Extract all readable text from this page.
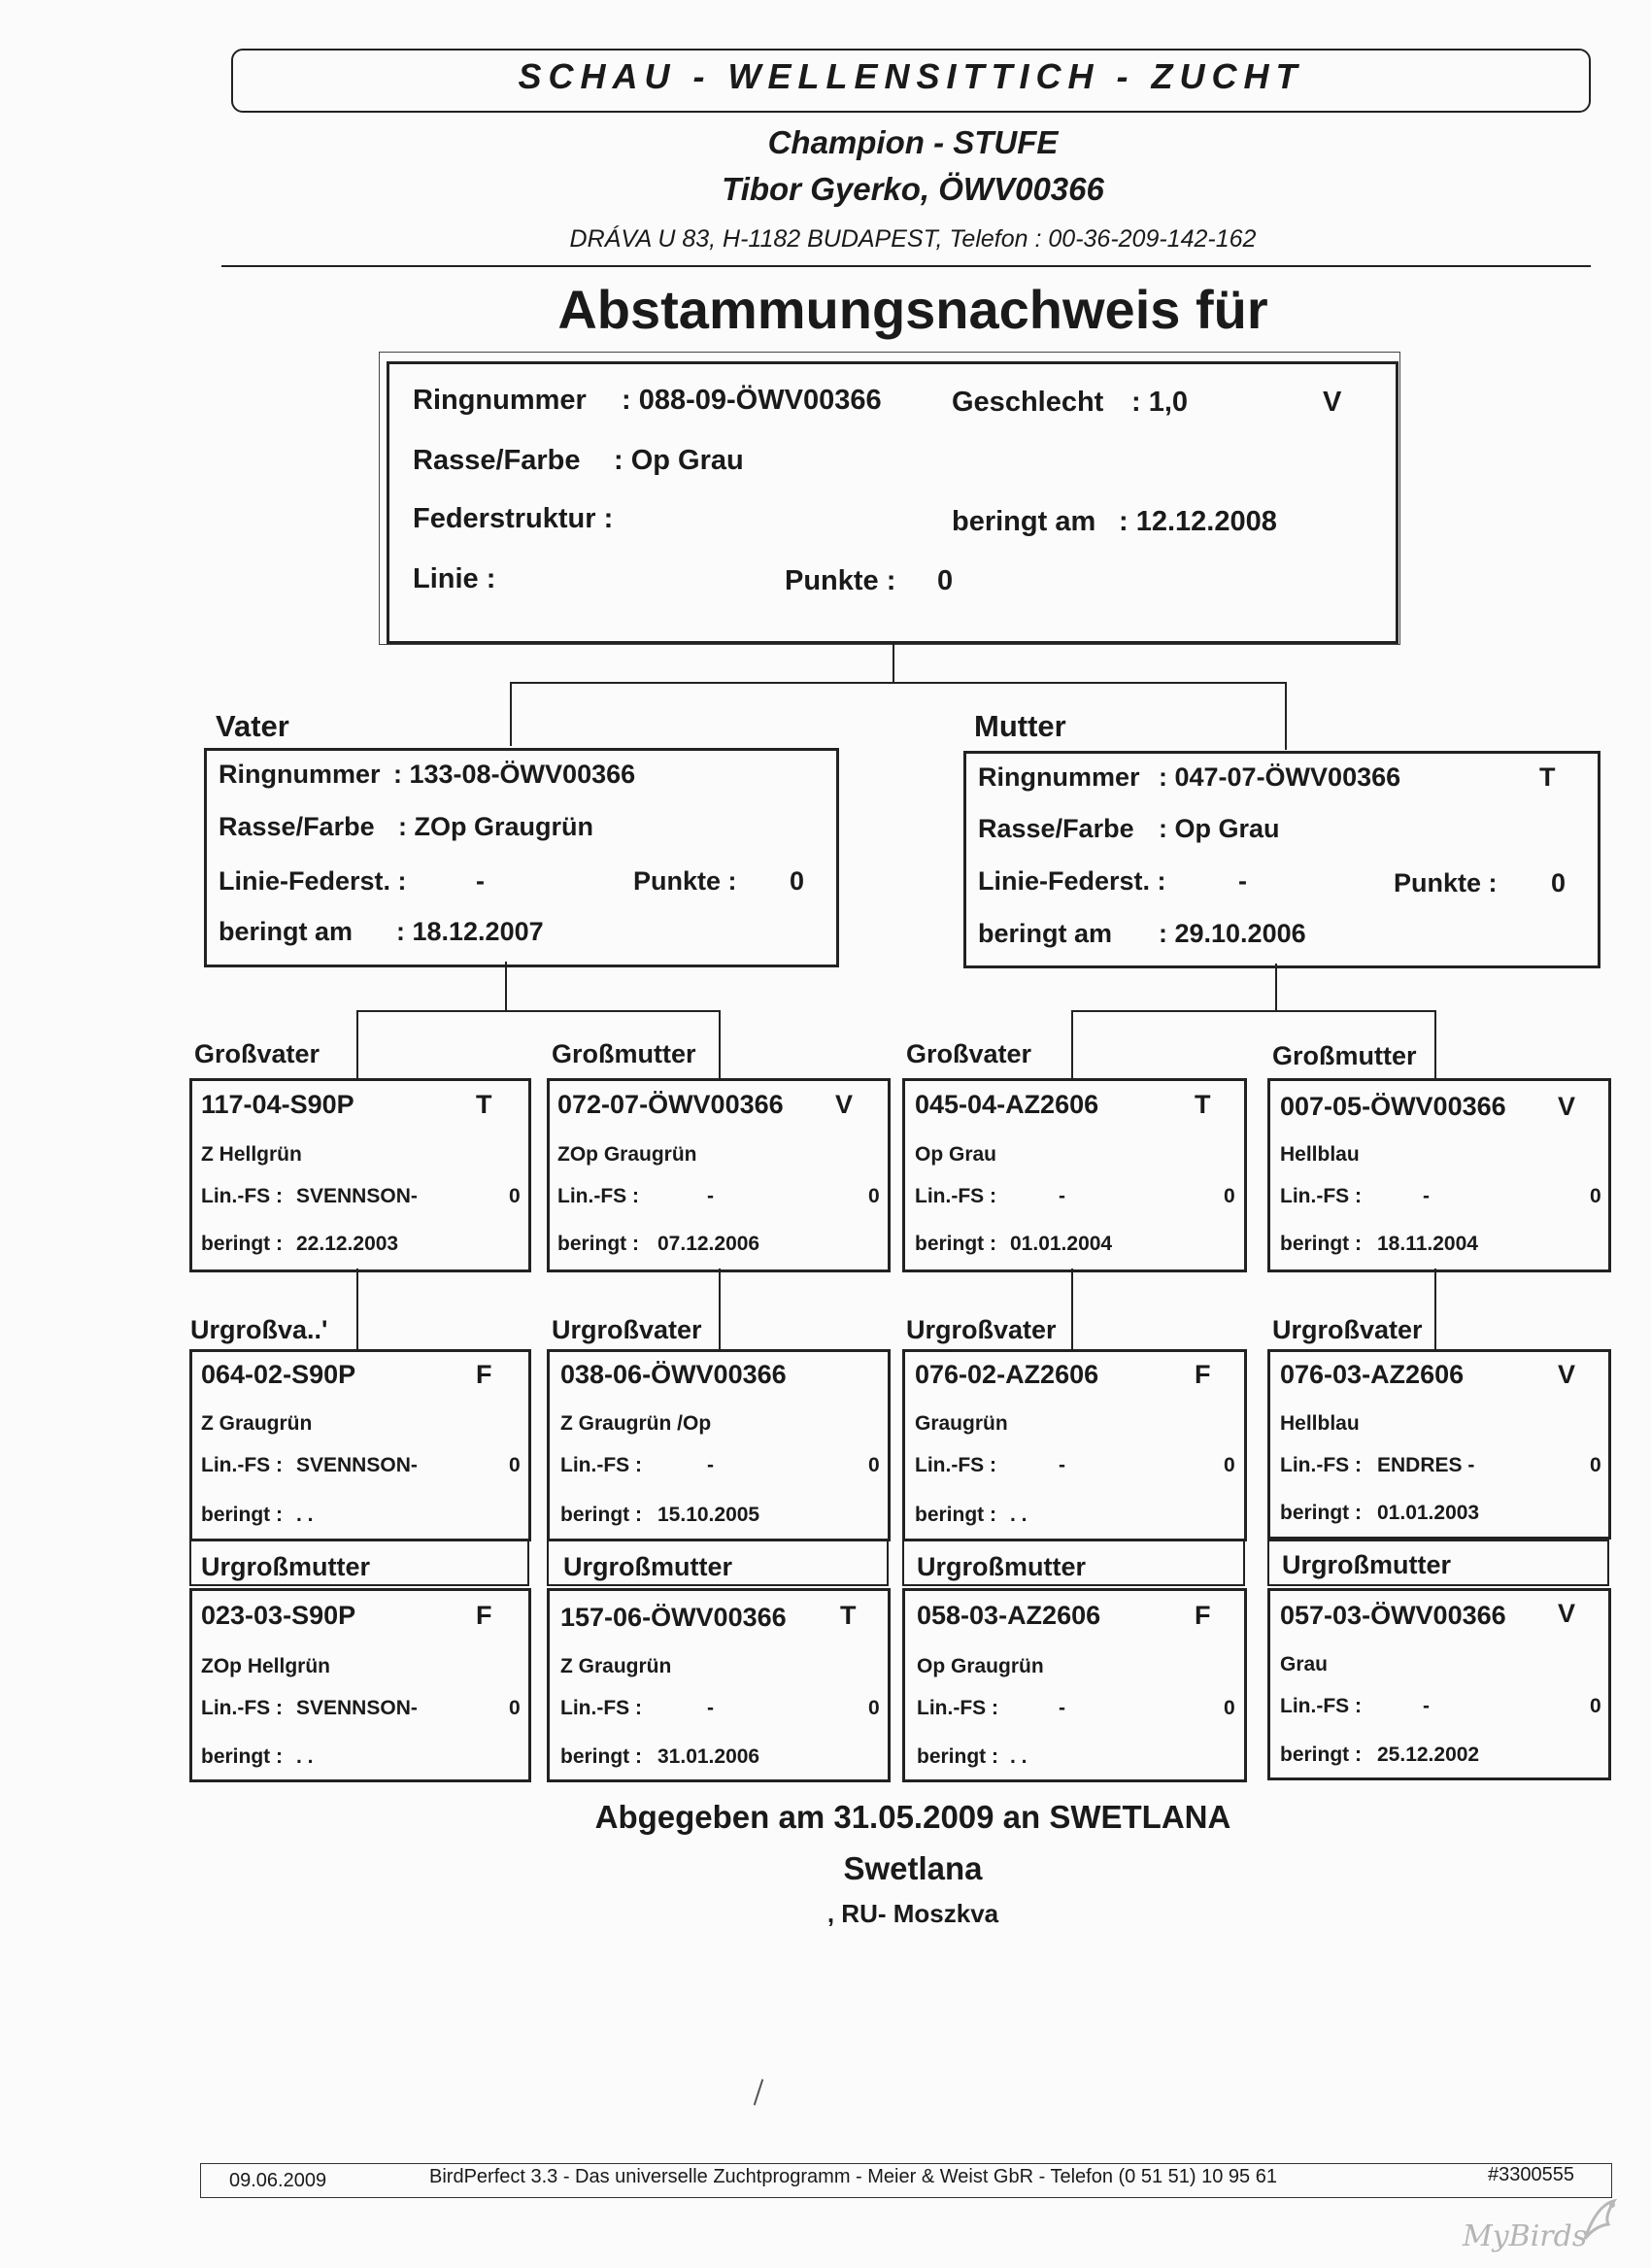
SCHAU - WELLENSITTICH - ZUCHT
Champion - STUFE
Tibor Gyerko, ÖWV00366
DRÁVA U 83, H-1182 BUDAPEST, Telefon : 00-36-209-142-162
Abstammungsnachweis für
Ringnummer : 088-09-ÖWV00366 Geschlecht : 1,0	V
Rasse/Farbe : Op Grau
Federstruktur :	beringt am : 12.12.2008
Linie :	Punkte : 0
Vater
Ringnummer : 133-08-ÖWV00366
Rasse/Farbe : ZOp Graugrün
Linie-Federst. :	-	Punkte : 0
beringt am : 18.12.2007
Mutter
Ringnummer : 047-07-ÖWV00366	T
Rasse/Farbe : Op Grau
Linie-Federst. :	-	Punkte : 0
beringt am : 29.10.2006
Großvater
117-04-S90P	T
Z Hellgrün
Lin.-FS : SVENNSON-	0
beringt : 22.12.2003
Großmutter
072-07-ÖWV00366 V
ZOp Graugrün
Lin.-FS :	-	0
beringt : 07.12.2006
Großvater
045-04-AZ2606	T
Op Grau
Lin.-FS :	-	0
beringt : 01.01.2004
Großmutter
007-05-ÖWV00366 V
Hellblau
Lin.-FS :	-	0
beringt : 18.11.2004
Urgroßva..'
064-02-S90P	F
Z Graugrün
Lin.-FS : SVENNSON-	0
beringt : . .
Urgroßvater
038-06-ÖWV00366
Z Graugrün /Op
Lin.-FS :	-	0
beringt : 15.10.2005
Urgroßvater
076-02-AZ2606	F
Graugrün
Lin.-FS :	-	0
beringt : . .
Urgroßvater
076-03-AZ2606	V
Hellblau
Lin.-FS : ENDRES -	0
beringt : 01.01.2003
Urgroßmutter
023-03-S90P	F
ZOp Hellgrün
Lin.-FS : SVENNSON-	0
beringt : . .
Urgroßmutter
157-06-ÖWV00366 T
Z Graugrün
Lin.-FS :	-	0
beringt : 31.01.2006
Urgroßmutter
058-03-AZ2606	F
Op Graugrün
Lin.-FS :	-	0
beringt : . .
Urgroßmutter
057-03-ÖWV00366 V
Grau
Lin.-FS :	-	0
beringt : 25.12.2002
Abgegeben am 31.05.2009 an SWETLANA
Swetlana
, RU- Moszkva
09.06.2009	BirdPerfect 3.3 - Das universelle Zuchtprogramm - Meier & Weist GbR - Telefon (0 51 51) 10 95 61	#3300555
MyBirds
